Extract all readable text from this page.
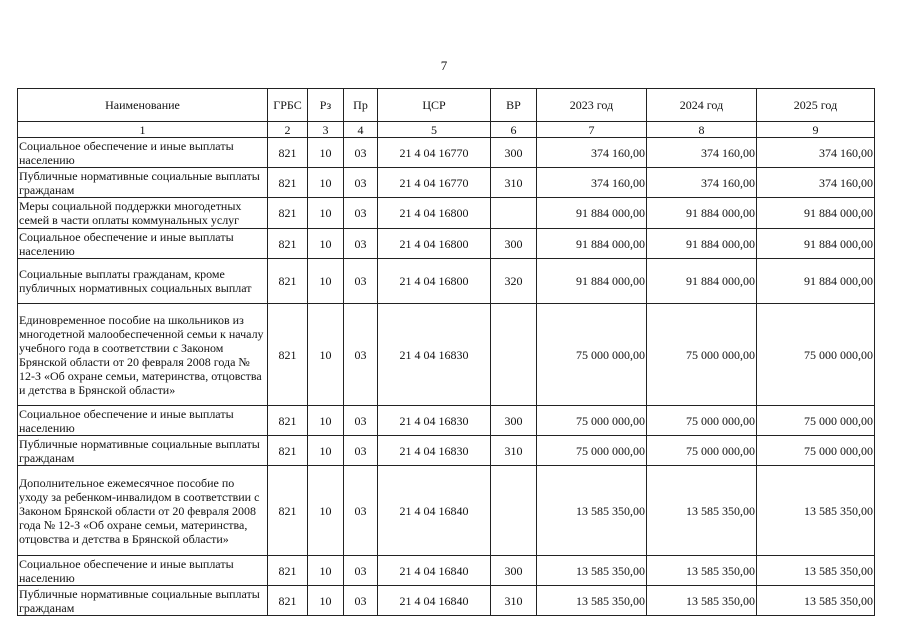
7
Наименование	ГРБС	Рз	Пр	ЦСР	ВР	2023 год	2024 год	2025 год
1	2	3	4	5	6	7	8	9
Социальное обеспечение и иные выплаты населению	821	10	03	21 4 04 16770	300	374 160,00	374 160,00	374 160,00
Публичные нормативные социальные выплаты гражданам	821	10	03	21 4 04 16770	310	374 160,00	374 160,00	374 160,00
Меры социальной поддержки многодетных семей в части оплаты коммунальных услуг	821	10	03	21 4 04 16800		91 884 000,00	91 884 000,00	91 884 000,00
Социальное обеспечение и иные выплаты населению	821	10	03	21 4 04 16800	300	91 884 000,00	91 884 000,00	91 884 000,00
Социальные выплаты гражданам, кроме публичных нормативных социальных выплат	821	10	03	21 4 04 16800	320	91 884 000,00	91 884 000,00	91 884 000,00
Единовременное пособие на школьников из многодетной малообеспеченной семьи к началу учебного года в соответствии с Законом Брянской области от 20 февраля 2008 года № 12-З «Об охране семьи, материнства, отцовства и детства в Брянской области»	821	10	03	21 4 04 16830		75 000 000,00	75 000 000,00	75 000 000,00
Социальное обеспечение и иные выплаты населению	821	10	03	21 4 04 16830	300	75 000 000,00	75 000 000,00	75 000 000,00
Публичные нормативные социальные выплаты гражданам	821	10	03	21 4 04 16830	310	75 000 000,00	75 000 000,00	75 000 000,00
Дополнительное ежемесячное пособие по уходу за ребенком-инвалидом в соответствии с Законом Брянской области от 20 февраля 2008 года № 12-З «Об охране семьи, материнства, отцовства и детства в Брянской области»	821	10	03	21 4 04 16840		13 585 350,00	13 585 350,00	13 585 350,00
Социальное обеспечение и иные выплаты населению	821	10	03	21 4 04 16840	300	13 585 350,00	13 585 350,00	13 585 350,00
Публичные нормативные социальные выплаты гражданам	821	10	03	21 4 04 16840	310	13 585 350,00	13 585 350,00	13 585 350,00
